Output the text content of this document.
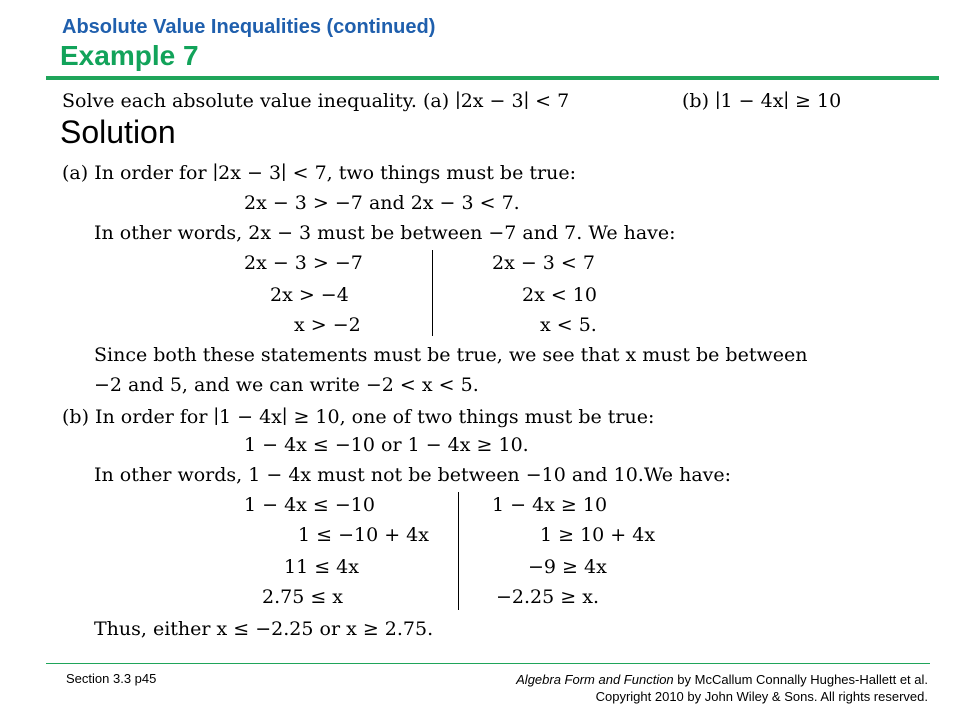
Absolute Value Inequalities (continued)
Example 7
Solve each absolute value inequality. (a) ∣2x − 3∣ < 7	(b) ∣1 − 4x∣ ≥ 10
Solution
(a) In order for ∣2x − 3∣ < 7, two things must be true:
2x − 3 > −7 and 2x − 3 < 7.
In other words, 2x − 3 must be between −7 and 7. We have:
2x − 3 > −7
2x > −4
x > −2
2x − 3 < 7
2x < 10
x < 5.
Since both these statements must be true, we see that x must be between
−2 and 5, and we can write −2 < x < 5.
(b) In order for ∣1 − 4x∣ ≥ 10, one of two things must be true:
1 − 4x ≤ −10 or 1 − 4x ≥ 10.
In other words, 1 − 4x must not be between −10 and 10.We have:
1 − 4x ≤ −10
1 ≤ −10 + 4x
11 ≤ 4x
2.75 ≤ x
1 − 4x ≥ 10
1 ≥ 10 + 4x
−9 ≥ 4x
−2.25 ≥ x.
Thus, either x ≤ −2.25 or x ≥ 2.75.
Section 3.3 p45	Algebra Form and Function by McCallum Connally Hughes-Hallett et al.
Copyright 2010 by John Wiley & Sons. All rights reserved.
